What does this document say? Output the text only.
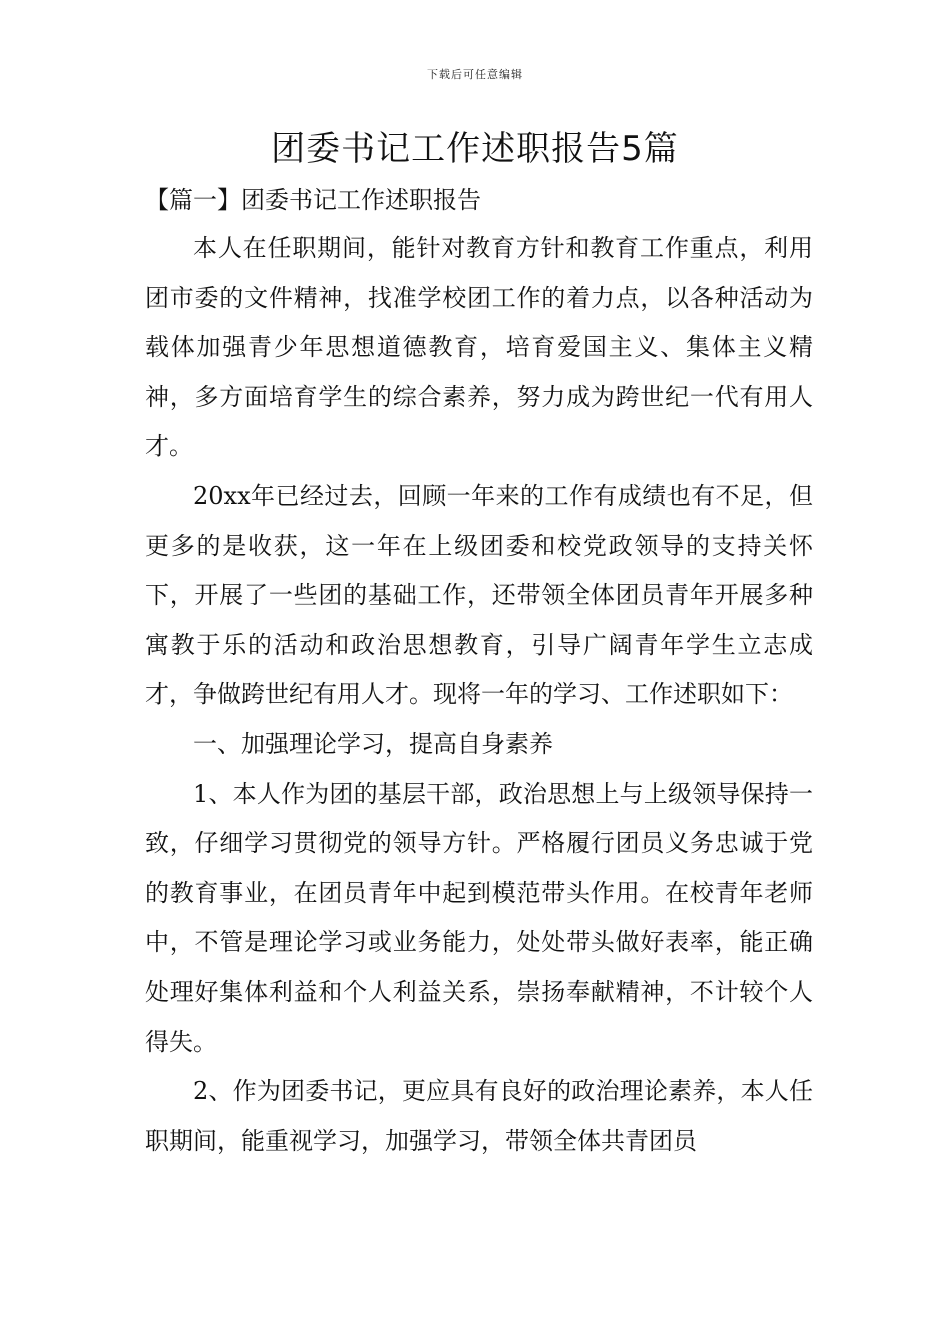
下载后可任意编辑
团委书记工作述职报告5篇
【篇一】团委书记工作述职报告

本人在任职期间，能针对教育方针和教育工作重点，利用团市委的文件精神，找准学校团工作的着力点，以各种活动为载体加强青少年思想道德教育，培育爱国主义、集体主义精神，多方面培育学生的综合素养，努力成为跨世纪一代有用人才。

20xx年已经过去，回顾一年来的工作有成绩也有不足，但更多的是收获，这一年在上级团委和校党政领导的支持关怀下，开展了一些团的基础工作，还带领全体团员青年开展多种寓教于乐的活动和政治思想教育，引导广阔青年学生立志成才，争做跨世纪有用人才。现将一年的学习、工作述职如下：

一、加强理论学习，提高自身素养

1、本人作为团的基层干部，政治思想上与上级领导保持一致，仔细学习贯彻党的领导方针。严格履行团员义务忠诚于党的教育事业，在团员青年中起到模范带头作用。在校青年老师中，不管是理论学习或业务能力，处处带头做好表率，能正确处理好集体利益和个人利益关系，崇扬奉献精神，不计较个人得失。

2、作为团委书记，更应具有良好的政治理论素养，本人任职期间，能重视学习，加强学习，带领全体共青团员
